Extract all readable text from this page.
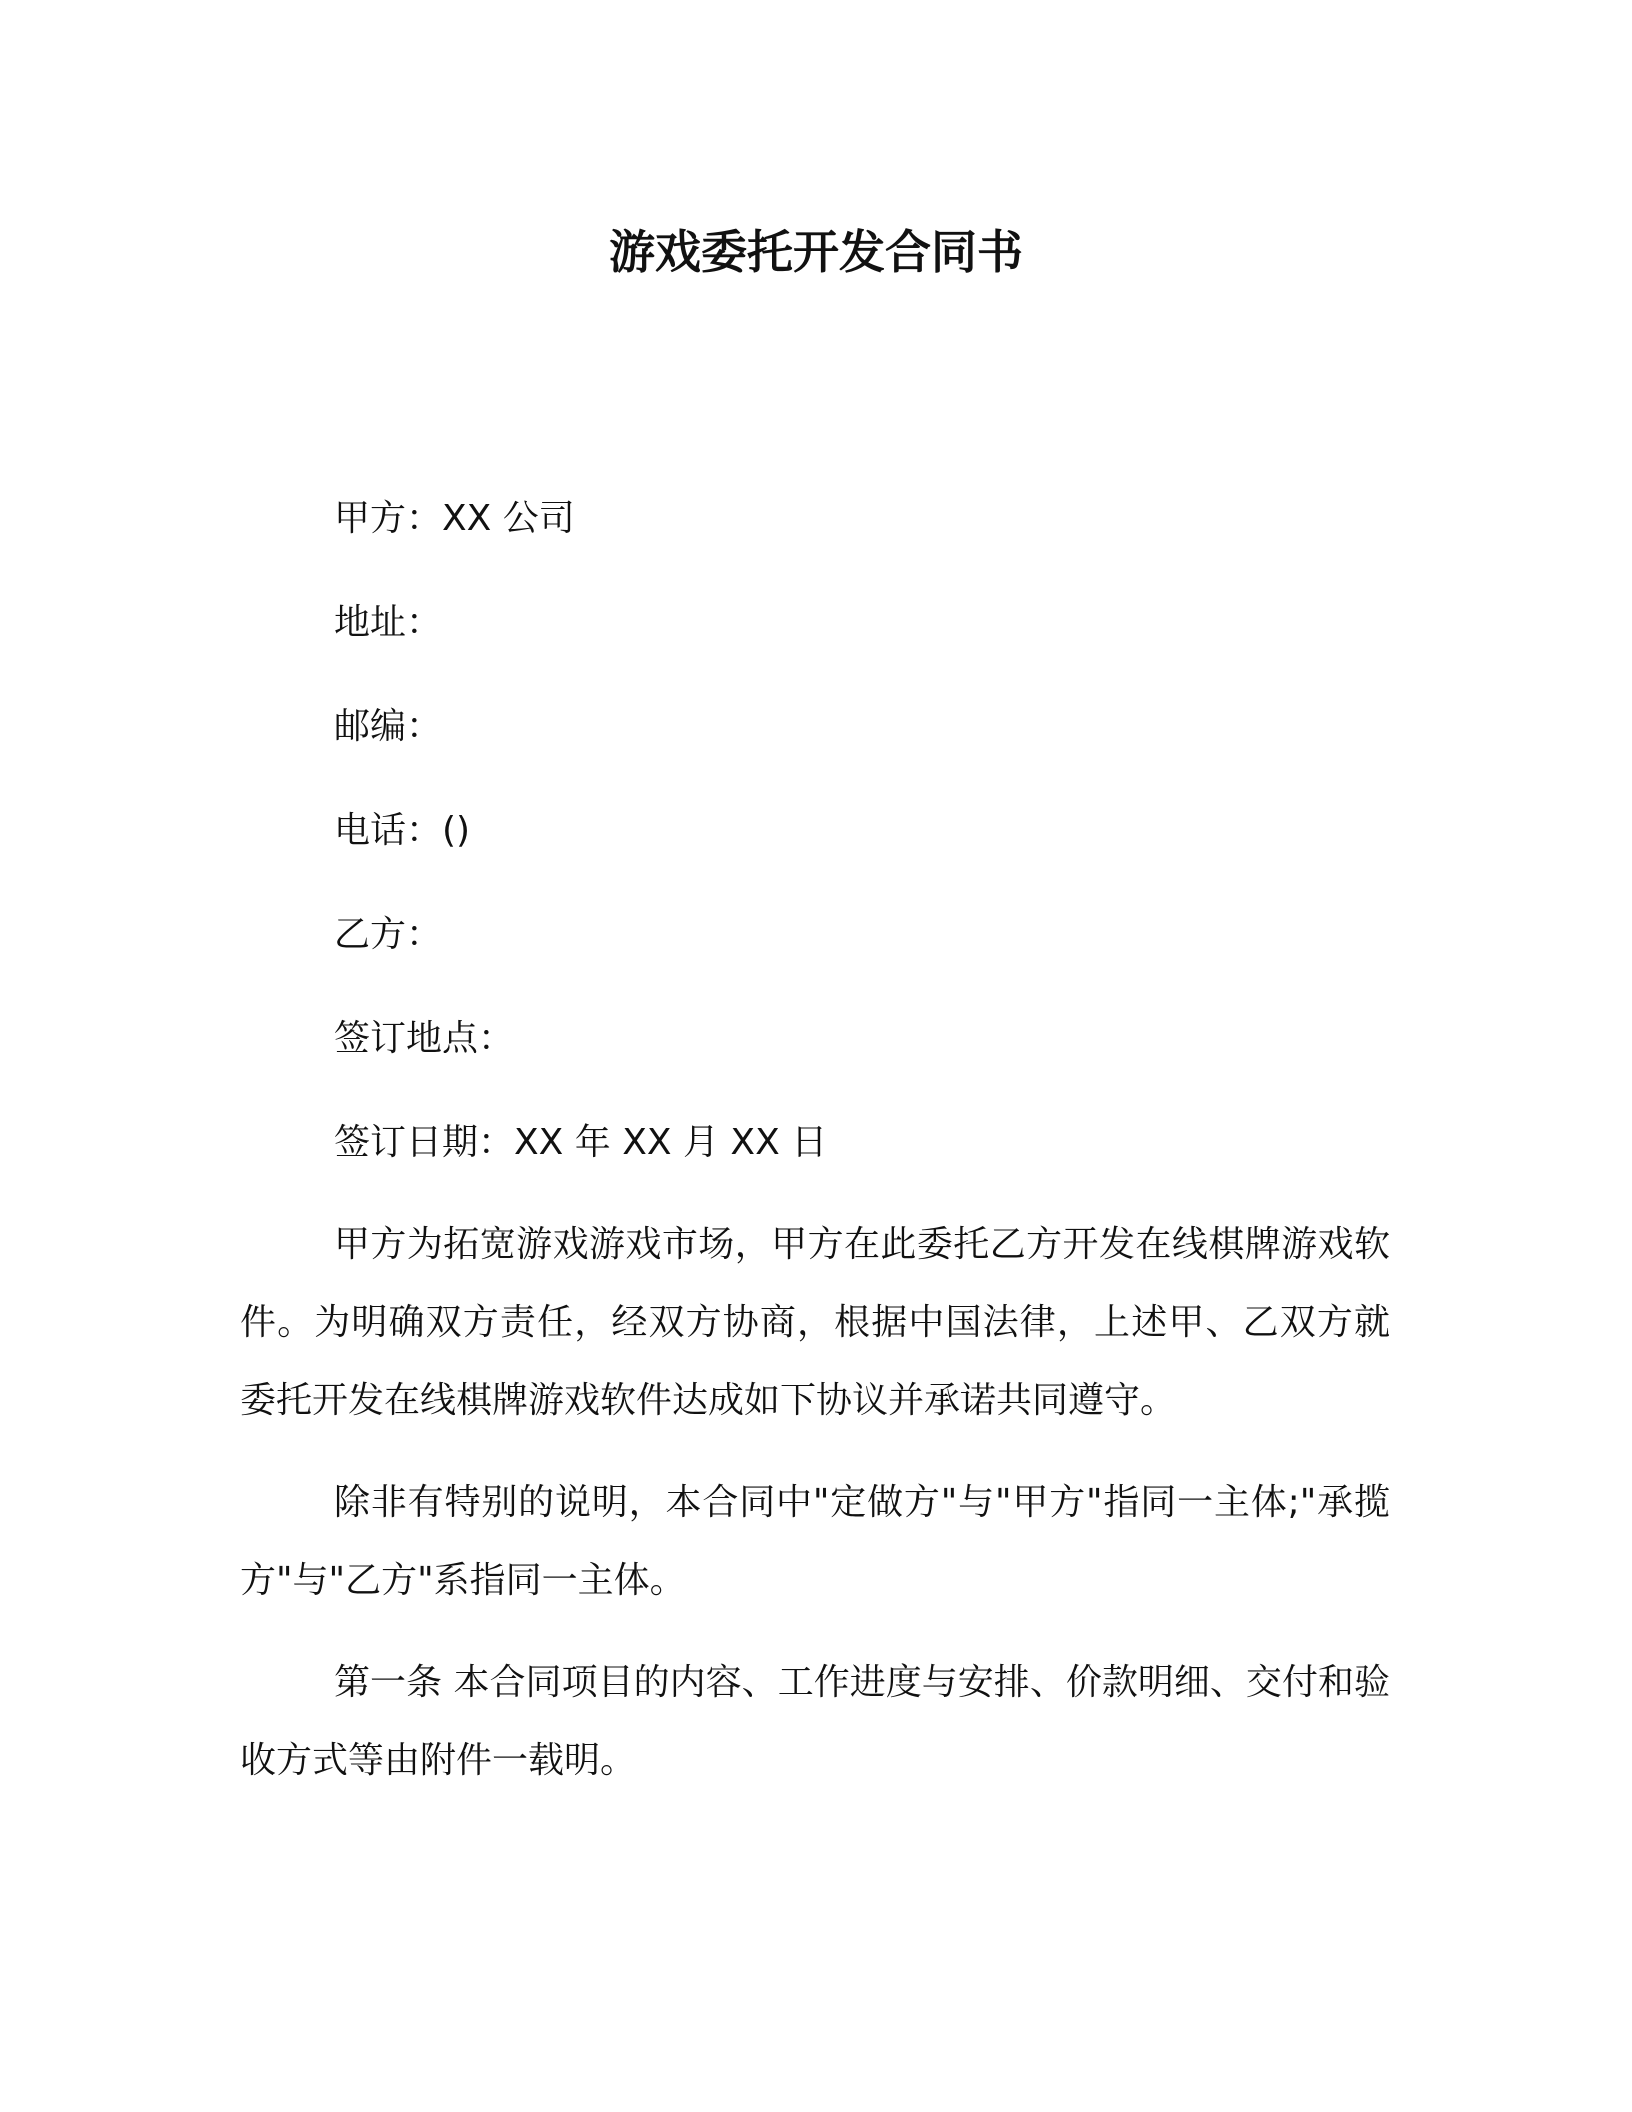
游戏委托开发合同书
甲方：XX 公司
地址：
邮编：
电话：()
乙方：
签订地点：
签订日期：XX 年 XX 月 XX 日
甲方为拓宽游戏游戏市场，甲方在此委托乙方开发在线棋牌游戏软件。为明确双方责任，经双方协商，根据中国法律，上述甲、乙双方就委托开发在线棋牌游戏软件达成如下协议并承诺共同遵守。
除非有特别的说明，本合同中"定做方"与"甲方"指同一主体;"承揽方"与"乙方"系指同一主体。
第一条 本合同项目的内容、工作进度与安排、价款明细、交付和验收方式等由附件一载明。
